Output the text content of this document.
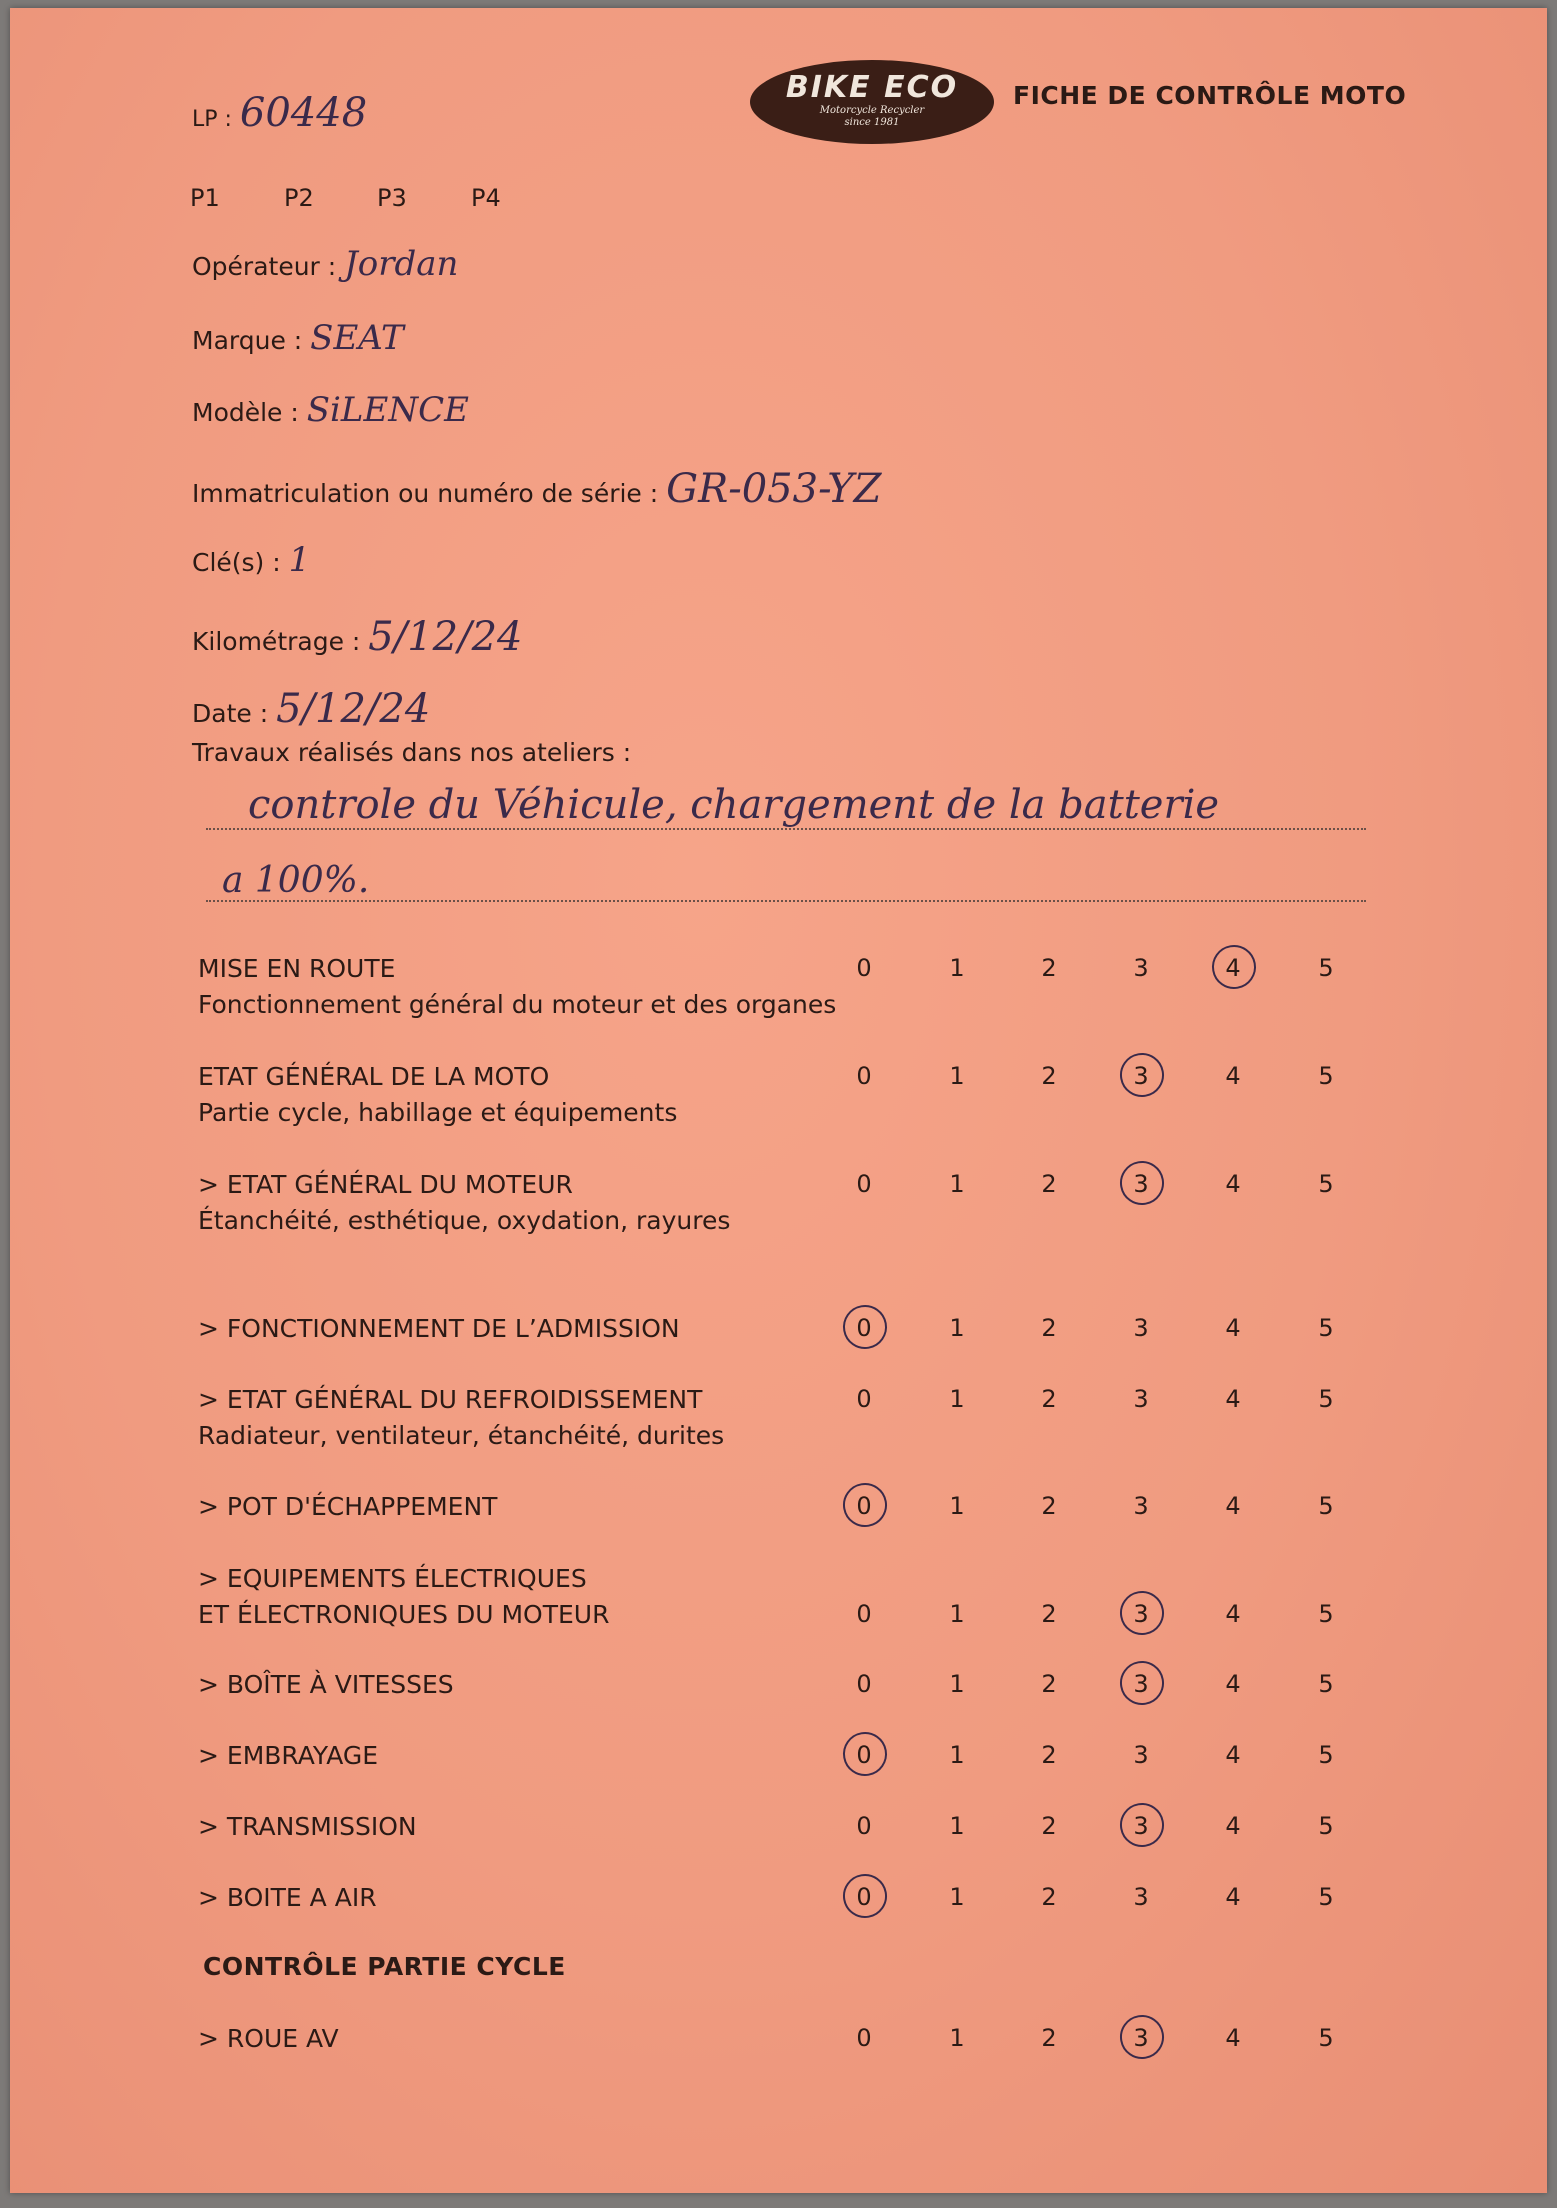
BIKE ECO
Motorcycle Recycler
since 1981
FICHE DE CONTRÔLE MOTO
LP : 60448
P1	P2	P3	P4
Opérateur : Jordan
Marque : SEAT
Modèle : SiLENCE
Immatriculation ou numéro de série : GR-053-YZ
Clé(s) : 1
Kilométrage : 5/12/24
Date : 5/12/24
Travaux réalisés dans nos ateliers :
controle du Véhicule, chargement de la batterie
a 100%.
MISE EN ROUTE
Fonctionnement général du moteur et des organes
0	1	2	3	4	5
ETAT GÉNÉRAL DE LA MOTO
Partie cycle, habillage et équipements
0	1	2	3	4	5
> ETAT GÉNÉRAL DU MOTEUR
Étanchéité, esthétique, oxydation, rayures
0	1	2	3	4	5
> FONCTIONNEMENT DE L’ADMISSION	0	1	2	3	4	5
> ETAT GÉNÉRAL DU REFROIDISSEMENT
Radiateur, ventilateur, étanchéité, durites
0	1	2	3	4	5
> POT D'ÉCHAPPEMENT	0	1	2	3	4	5
> EQUIPEMENTS ÉLECTRIQUES
ET ÉLECTRONIQUES DU MOTEUR	0	1	2	3	4	5
> BOÎTE À VITESSES	0	1	2	3	4	5
> EMBRAYAGE	0	1	2	3	4	5
> TRANSMISSION	0	1	2	3	4	5
> BOITE A AIR	0	1	2	3	4	5
CONTRÔLE PARTIE CYCLE
> ROUE AV	0	1	2	3	4	5
